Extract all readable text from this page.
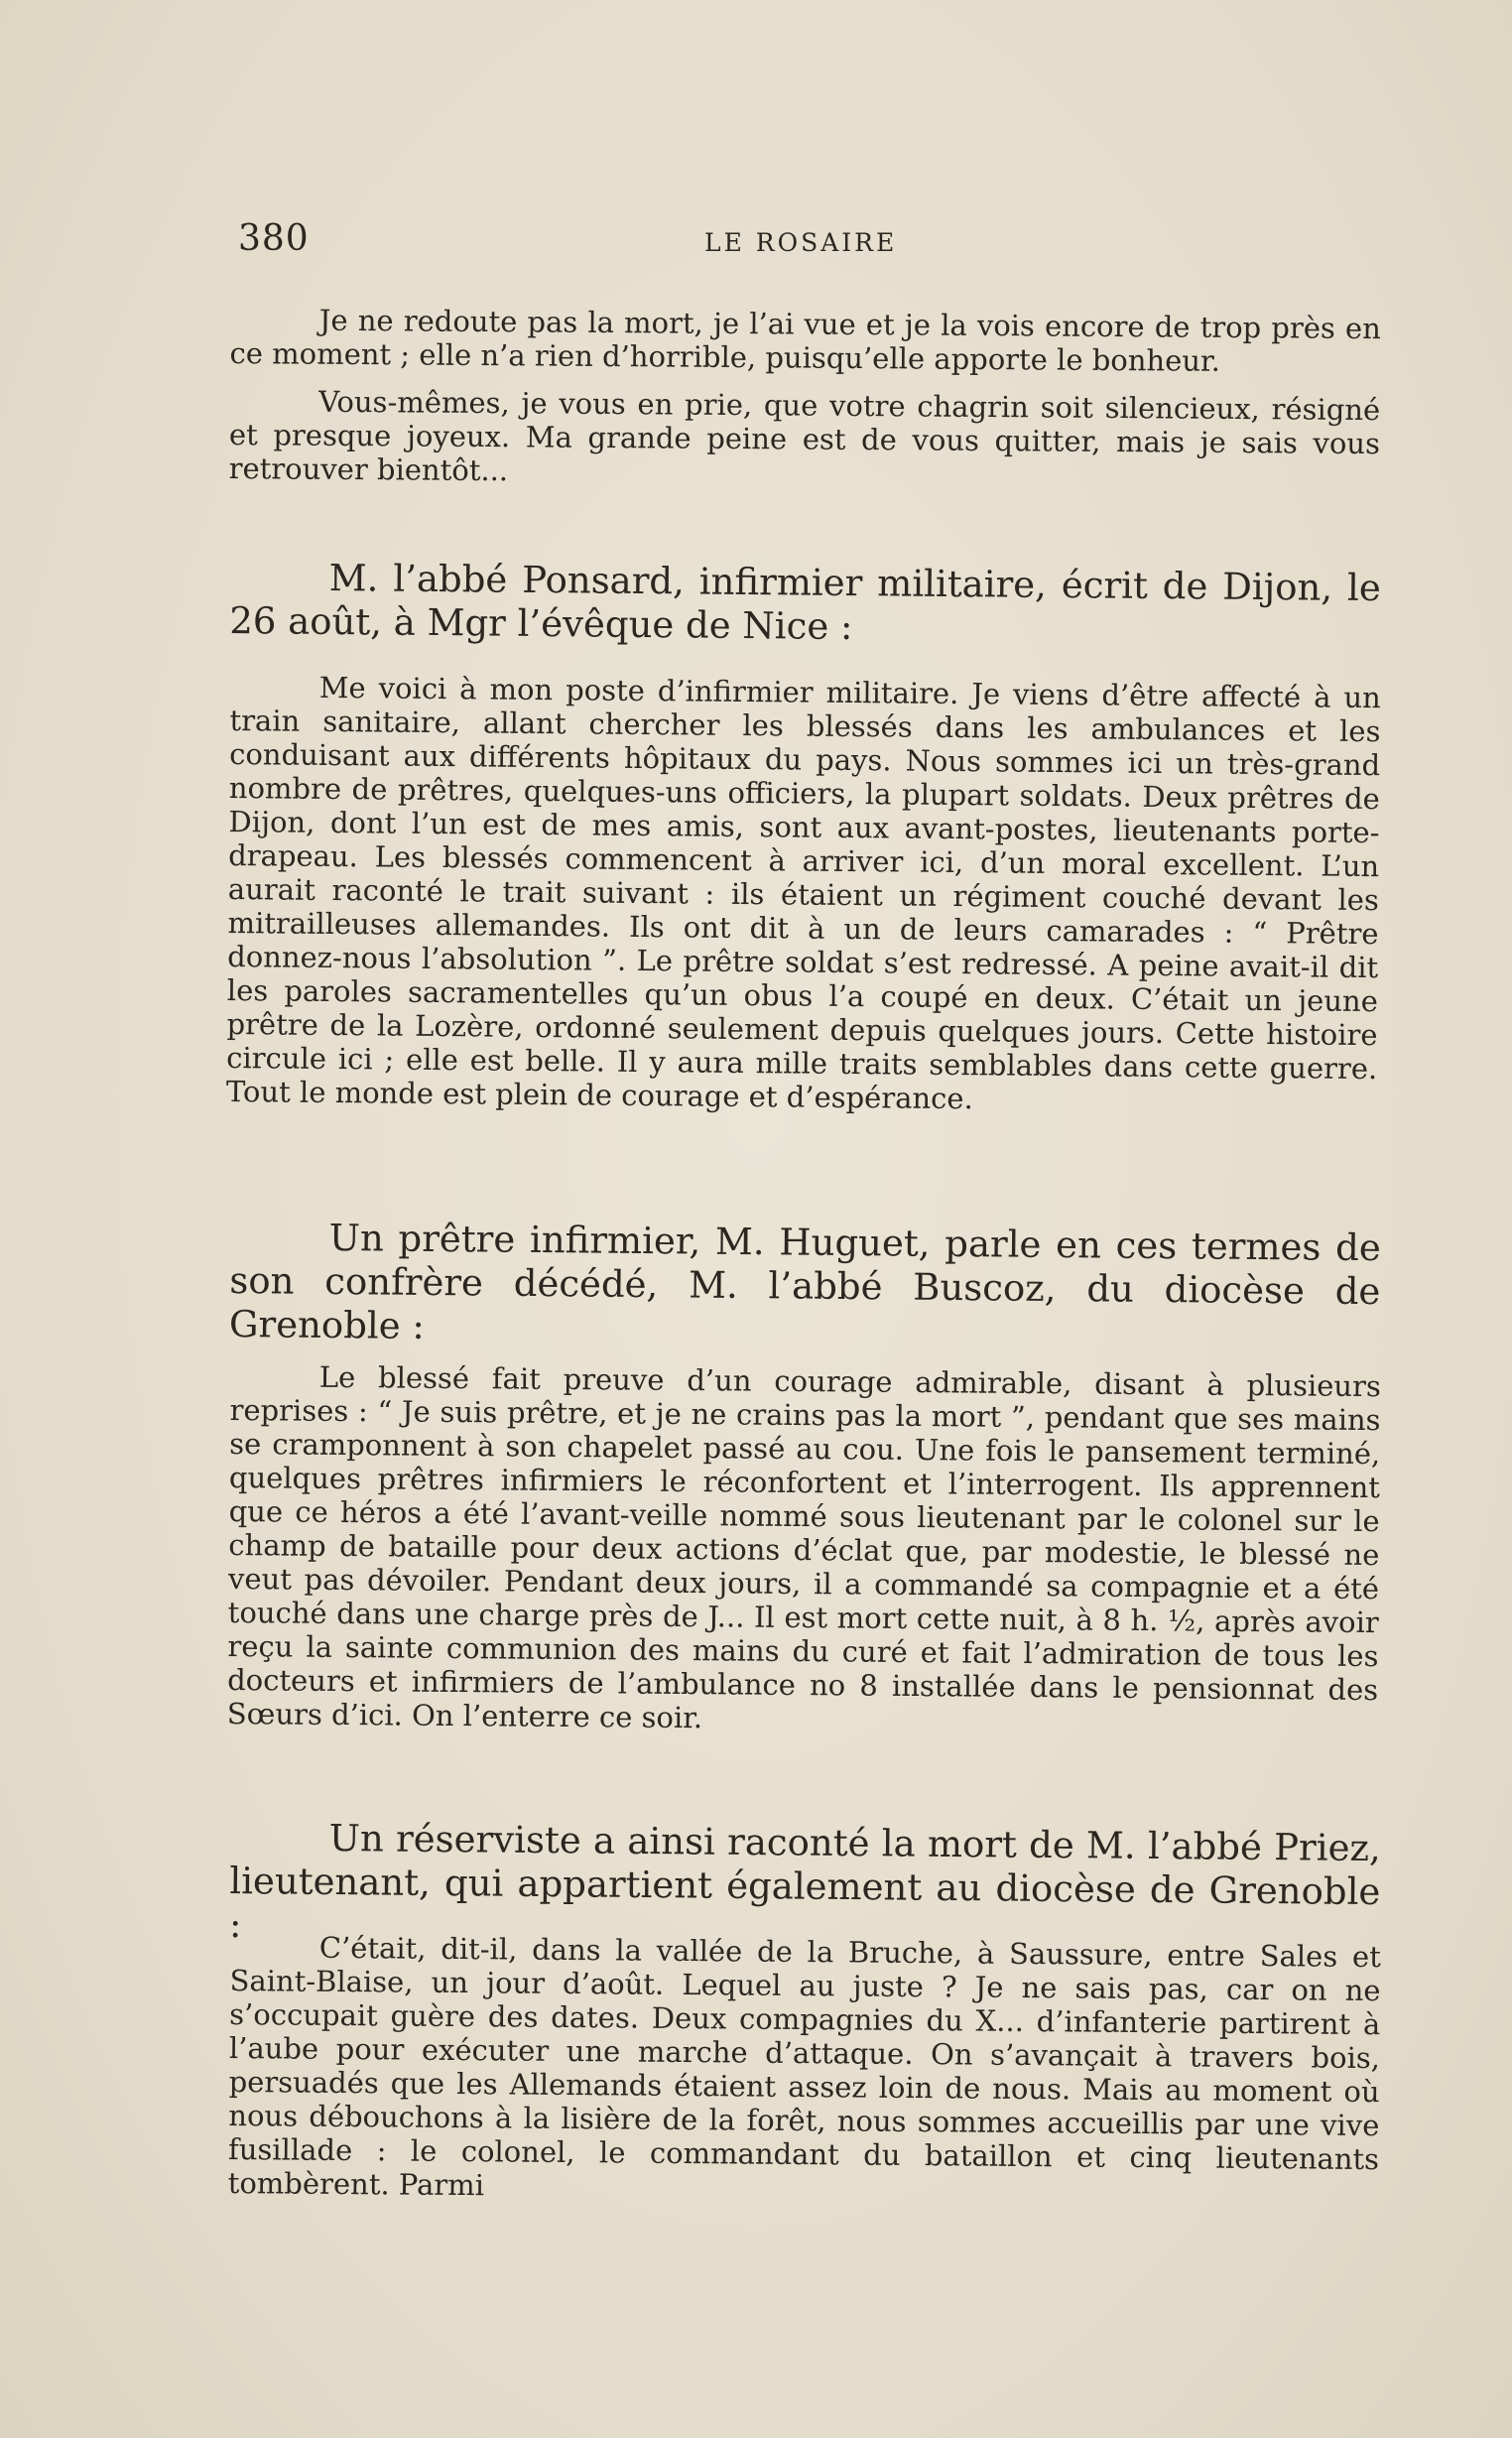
380	LE ROSAIRE

Je ne redoute pas la mort, je l’ai vue et je la vois encore de trop près en ce moment ; elle n’a rien d’horrible, puisqu’elle apporte le bonheur.

Vous-mêmes, je vous en prie, que votre chagrin soit silencieux, résigné et presque joyeux. Ma grande peine est de vous quitter, mais je sais vous retrouver bientôt...

M. l’abbé Ponsard, infirmier militaire, écrit de Dijon, le 26 août, à Mgr l’évêque de Nice :

Me voici à mon poste d’infirmier militaire. Je viens d’être affecté à un train sanitaire, allant chercher les blessés dans les ambulances et les conduisant aux différents hôpitaux du pays. Nous sommes ici un très-grand nombre de prêtres, quelques-uns officiers, la plupart soldats. Deux prêtres de Dijon, dont l’un est de mes amis, sont aux avant-postes, lieutenants porte-drapeau. Les blessés commencent à arriver ici, d’un moral excellent. L’un aurait raconté le trait suivant : ils étaient un régiment couché devant les mitrailleuses allemandes. Ils ont dit à un de leurs camarades : “ Prêtre donnez-nous l’absolution ”. Le prêtre soldat s’est redressé. A peine avait-il dit les paroles sacramentelles qu’un obus l’a coupé en deux. C’était un jeune prêtre de la Lozère, ordonné seulement depuis quelques jours. Cette histoire circule ici ; elle est belle. Il y aura mille traits semblables dans cette guerre. Tout le monde est plein de courage et d’espérance.

Un prêtre infirmier, M. Huguet, parle en ces termes de son confrère décédé, M. l’abbé Buscoz, du diocèse de Grenoble :

Le blessé fait preuve d’un courage admirable, disant à plusieurs reprises : “ Je suis prêtre, et je ne crains pas la mort ”, pendant que ses mains se cramponnent à son chapelet passé au cou. Une fois le pansement terminé, quelques prêtres infirmiers le réconfortent et l’interrogent. Ils apprennent que ce héros a été l’avant-veille nommé sous lieutenant par le colonel sur le champ de bataille pour deux actions d’éclat que, par modestie, le blessé ne veut pas dévoiler. Pendant deux jours, il a commandé sa compagnie et a été touché dans une charge près de J... Il est mort cette nuit, à 8 h. ½, après avoir reçu la sainte communion des mains du curé et fait l’admiration de tous les docteurs et infirmiers de l’ambulance no 8 installée dans le pensionnat des Sœurs d’ici. On l’enterre ce soir.

Un réserviste a ainsi raconté la mort de M. l’abbé Priez, lieutenant, qui appartient également au diocèse de Grenoble :

C’était, dit-il, dans la vallée de la Bruche, à Saussure, entre Sales et Saint-Blaise, un jour d’août. Lequel au juste ? Je ne sais pas, car on ne s’occupait guère des dates. Deux compagnies du X... d’infanterie partirent à l’aube pour exécuter une marche d’attaque. On s’avançait à travers bois, persuadés que les Allemands étaient assez loin de nous. Mais au moment où nous débouchons à la lisière de la forêt, nous sommes accueillis par une vive fusillade : le colonel, le commandant du bataillon et cinq lieutenants tombèrent. Parmi
